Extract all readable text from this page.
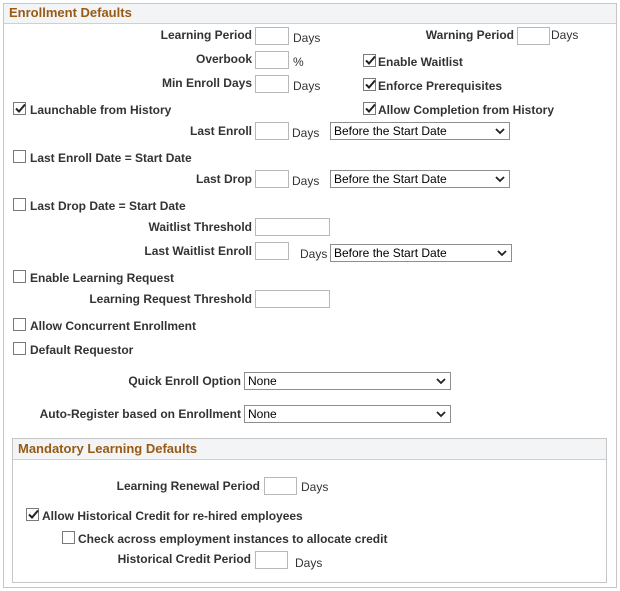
Enrollment Defaults
Learning Period	Days	Warning Period	Days
Overbook	%	Enable Waitlist
Min Enroll Days	Days	Enforce Prerequisites
Launchable from History	Allow Completion from History
Last Enroll	Days Before the Start Date
Last Enroll Date = Start Date
Last Drop	Days Before the Start Date
Last Drop Date = Start Date
Waitlist Threshold
Last Waitlist Enroll	Days Before the Start Date
Enable Learning Request
Learning Request Threshold
Allow Concurrent Enrollment
Default Requestor
Quick Enroll Option None
Auto-Register based on Enrollment None
Mandatory Learning Defaults
Learning Renewal Period	Days
Allow Historical Credit for re-hired employees
Check across employment instances to allocate credit
Historical Credit Period	Days
